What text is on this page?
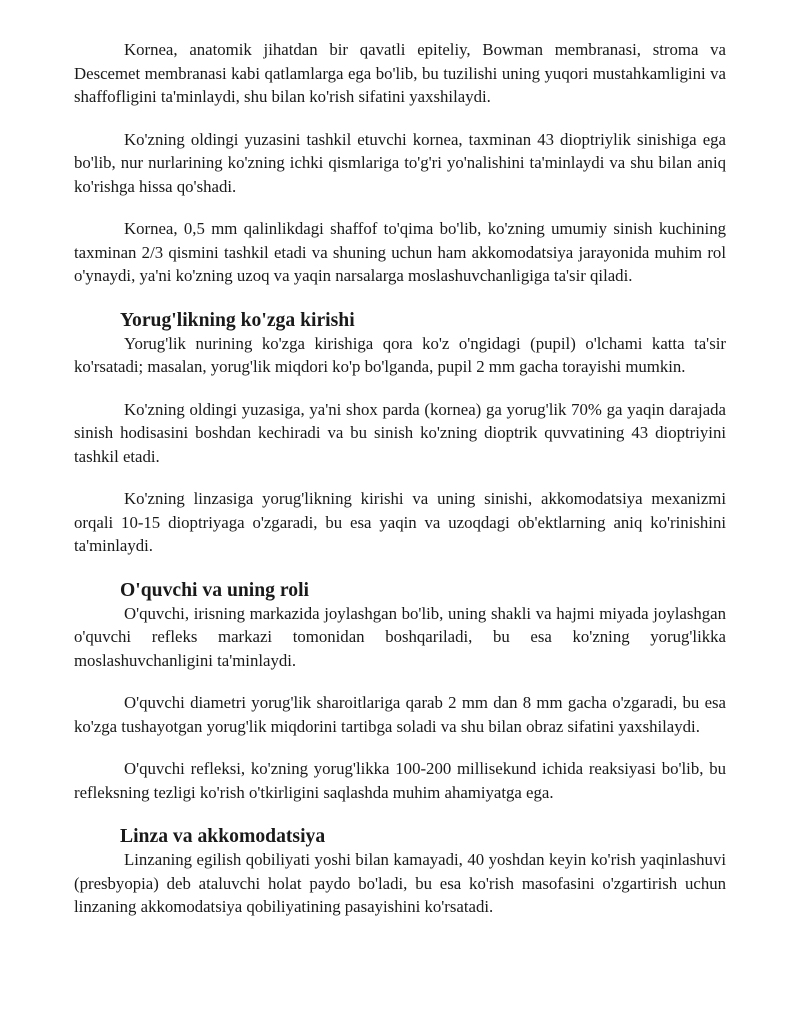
Kornea, anatomik jihatdan bir qavatli epiteliy, Bowman membranasi, stroma va Descemet membranasi kabi qatlamlarga ega bo'lib, bu tuzilishi uning yuqori mustahkamligini va shaffofligini ta'minlaydi, shu bilan ko'rish sifatini yaxshilaydi.

Ko'zning oldingi yuzasini tashkil etuvchi kornea, taxminan 43 dioptriylik sinishiga ega bo'lib, nur nurlarining ko'zning ichki qismlariga to'g'ri yo'nalishini ta'minlaydi va shu bilan aniq ko'rishga hissa qo'shadi.

Kornea, 0,5 mm qalinlikdagi shaffof to'qima bo'lib, ko'zning umumiy sinish kuchining taxminan 2/3 qismini tashkil etadi va shuning uchun ham akkomodatsiya jarayonida muhim rol o'ynaydi, ya'ni ko'zning uzoq va yaqin narsalarga moslashuvchanligiga ta'sir qiladi.

Yorug'likning ko'zga kirishi

Yorug'lik nurining ko'zga kirishiga qora ko'z o'ngidagi (pupil) o'lchami katta ta'sir ko'rsatadi; masalan, yorug'lik miqdori ko'p bo'lganda, pupil 2 mm gacha torayishi mumkin.

Ko'zning oldingi yuzasiga, ya'ni shox parda (kornea) ga yorug'lik 70% ga yaqin darajada sinish hodisasini boshdan kechiradi va bu sinish ko'zning dioptrik quvvatining 43 dioptriyini tashkil etadi.

Ko'zning linzasiga yorug'likning kirishi va uning sinishi, akkomodatsiya mexanizmi orqali 10-15 dioptriyaga o'zgaradi, bu esa yaqin va uzoqdagi ob'ektlarning aniq ko'rinishini ta'minlaydi.

O'quvchi va uning roli

O'quvchi, irisning markazida joylashgan bo'lib, uning shakli va hajmi miyada joylashgan o'quvchi refleks markazi tomonidan boshqariladi, bu esa ko'zning yorug'likka moslashuvchanligini ta'minlaydi.

O'quvchi diametri yorug'lik sharoitlariga qarab 2 mm dan 8 mm gacha o'zgaradi, bu esa ko'zga tushayotgan yorug'lik miqdorini tartibga soladi va shu bilan obraz sifatini yaxshilaydi.

O'quvchi refleksi, ko'zning yorug'likka 100-200 millisekund ichida reaksiyasi bo'lib, bu refleksning tezligi ko'rish o'tkirligini saqlashda muhim ahamiyatga ega.

Linza va akkomodatsiya

Linzaning egilish qobiliyati yoshi bilan kamayadi, 40 yoshdan keyin ko'rish yaqinlashuvi (presbyopia) deb ataluvchi holat paydo bo'ladi, bu esa ko'rish masofasini o'zgartirish uchun linzaning akkomodatsiya qobiliyatining pasayishini ko'rsatadi.
